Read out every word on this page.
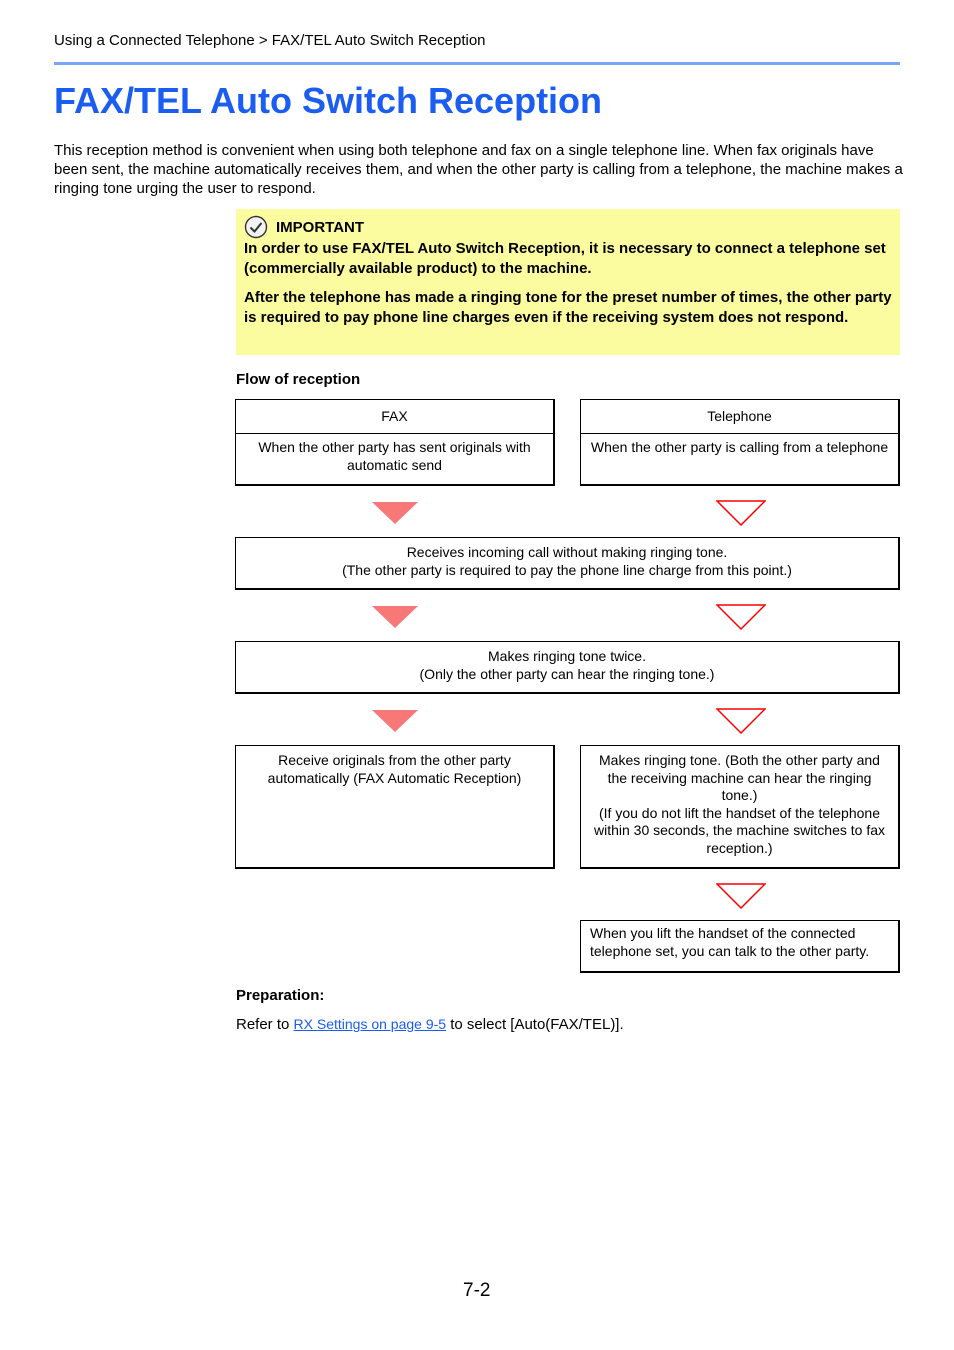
Using a Connected Telephone > FAX/TEL Auto Switch Reception
FAX/TEL Auto Switch Reception
This reception method is convenient when using both telephone and fax on a single telephone line. When fax originals have been sent, the machine automatically receives them, and when the other party is calling from a telephone, the machine makes a ringing tone urging the user to respond.
IMPORTANT

In order to use FAX/TEL Auto Switch Reception, it is necessary to connect a telephone set (commercially available product) to the machine.

After the telephone has made a ringing tone for the preset number of times, the other party is required to pay phone line charges even if the receiving system does not respond.

Flow of reception
FAX
When the other party has sent originals with automatic send
Telephone
When the other party is calling from a telephone
Receives incoming call without making ringing tone.
(The other party is required to pay the phone line charge from this point.)
Makes ringing tone twice.
(Only the other party can hear the ringing tone.)
Receive originals from the other party automatically (FAX Automatic Reception)
Makes ringing tone. (Both the other party and the receiving machine can hear the ringing tone.)
(If you do not lift the handset of the telephone within 30 seconds, the machine switches to fax reception.)
When you lift the handset of the connected telephone set, you can talk to the other party.
Preparation:
Refer to RX Settings on page 9-5 to select [Auto(FAX/TEL)].
7-2
